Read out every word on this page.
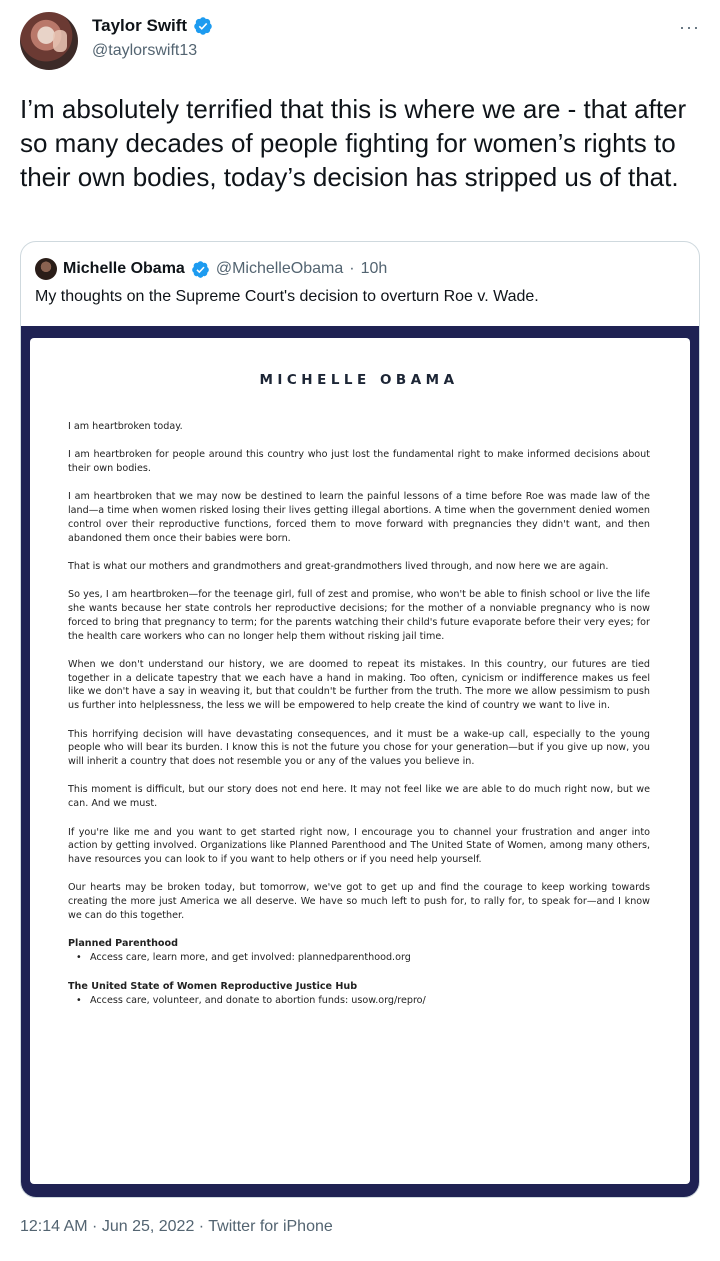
Taylor Swift
@taylorswift13
···
I’m absolutely terrified that this is where we are - that after so many decades of people fighting for women’s rights to their own bodies, today’s decision has stripped us of that.
Michelle Obama @MichelleObama · 10h
My thoughts on the Supreme Court's decision to overturn Roe v. Wade.
MICHELLE OBAMA
I am heartbroken today.
I am heartbroken for people around this country who just lost the fundamental right to make informed decisions about their own bodies.
I am heartbroken that we may now be destined to learn the painful lessons of a time before Roe was made law of the land—a time when women risked losing their lives getting illegal abortions. A time when the government denied women control over their reproductive functions, forced them to move forward with pregnancies they didn't want, and then abandoned them once their babies were born.
That is what our mothers and grandmothers and great-grandmothers lived through, and now here we are again.
So yes, I am heartbroken—for the teenage girl, full of zest and promise, who won't be able to finish school or live the life she wants because her state controls her reproductive decisions; for the mother of a nonviable pregnancy who is now forced to bring that pregnancy to term; for the parents watching their child's future evaporate before their very eyes; for the health care workers who can no longer help them without risking jail time.
When we don't understand our history, we are doomed to repeat its mistakes. In this country, our futures are tied together in a delicate tapestry that we each have a hand in making. Too often, cynicism or indifference makes us feel like we don't have a say in weaving it, but that couldn't be further from the truth. The more we allow pessimism to push us further into helplessness, the less we will be empowered to help create the kind of country we want to live in.
This horrifying decision will have devastating consequences, and it must be a wake-up call, especially to the young people who will bear its burden. I know this is not the future you chose for your generation—but if you give up now, you will inherit a country that does not resemble you or any of the values you believe in.
This moment is difficult, but our story does not end here. It may not feel like we are able to do much right now, but we can. And we must.
If you're like me and you want to get started right now, I encourage you to channel your frustration and anger into action by getting involved. Organizations like Planned Parenthood and The United State of Women, among many others, have resources you can look to if you want to help others or if you need help yourself.
Our hearts may be broken today, but tomorrow, we've got to get up and find the courage to keep working towards creating the more just America we all deserve. We have so much left to push for, to rally for, to speak for—and I know we can do this together.
Planned Parenthood
• Access care, learn more, and get involved: plannedparenthood.org
The United State of Women Reproductive Justice Hub
• Access care, volunteer, and donate to abortion funds: usow.org/repro/
12:14 AM · Jun 25, 2022 · Twitter for iPhone
